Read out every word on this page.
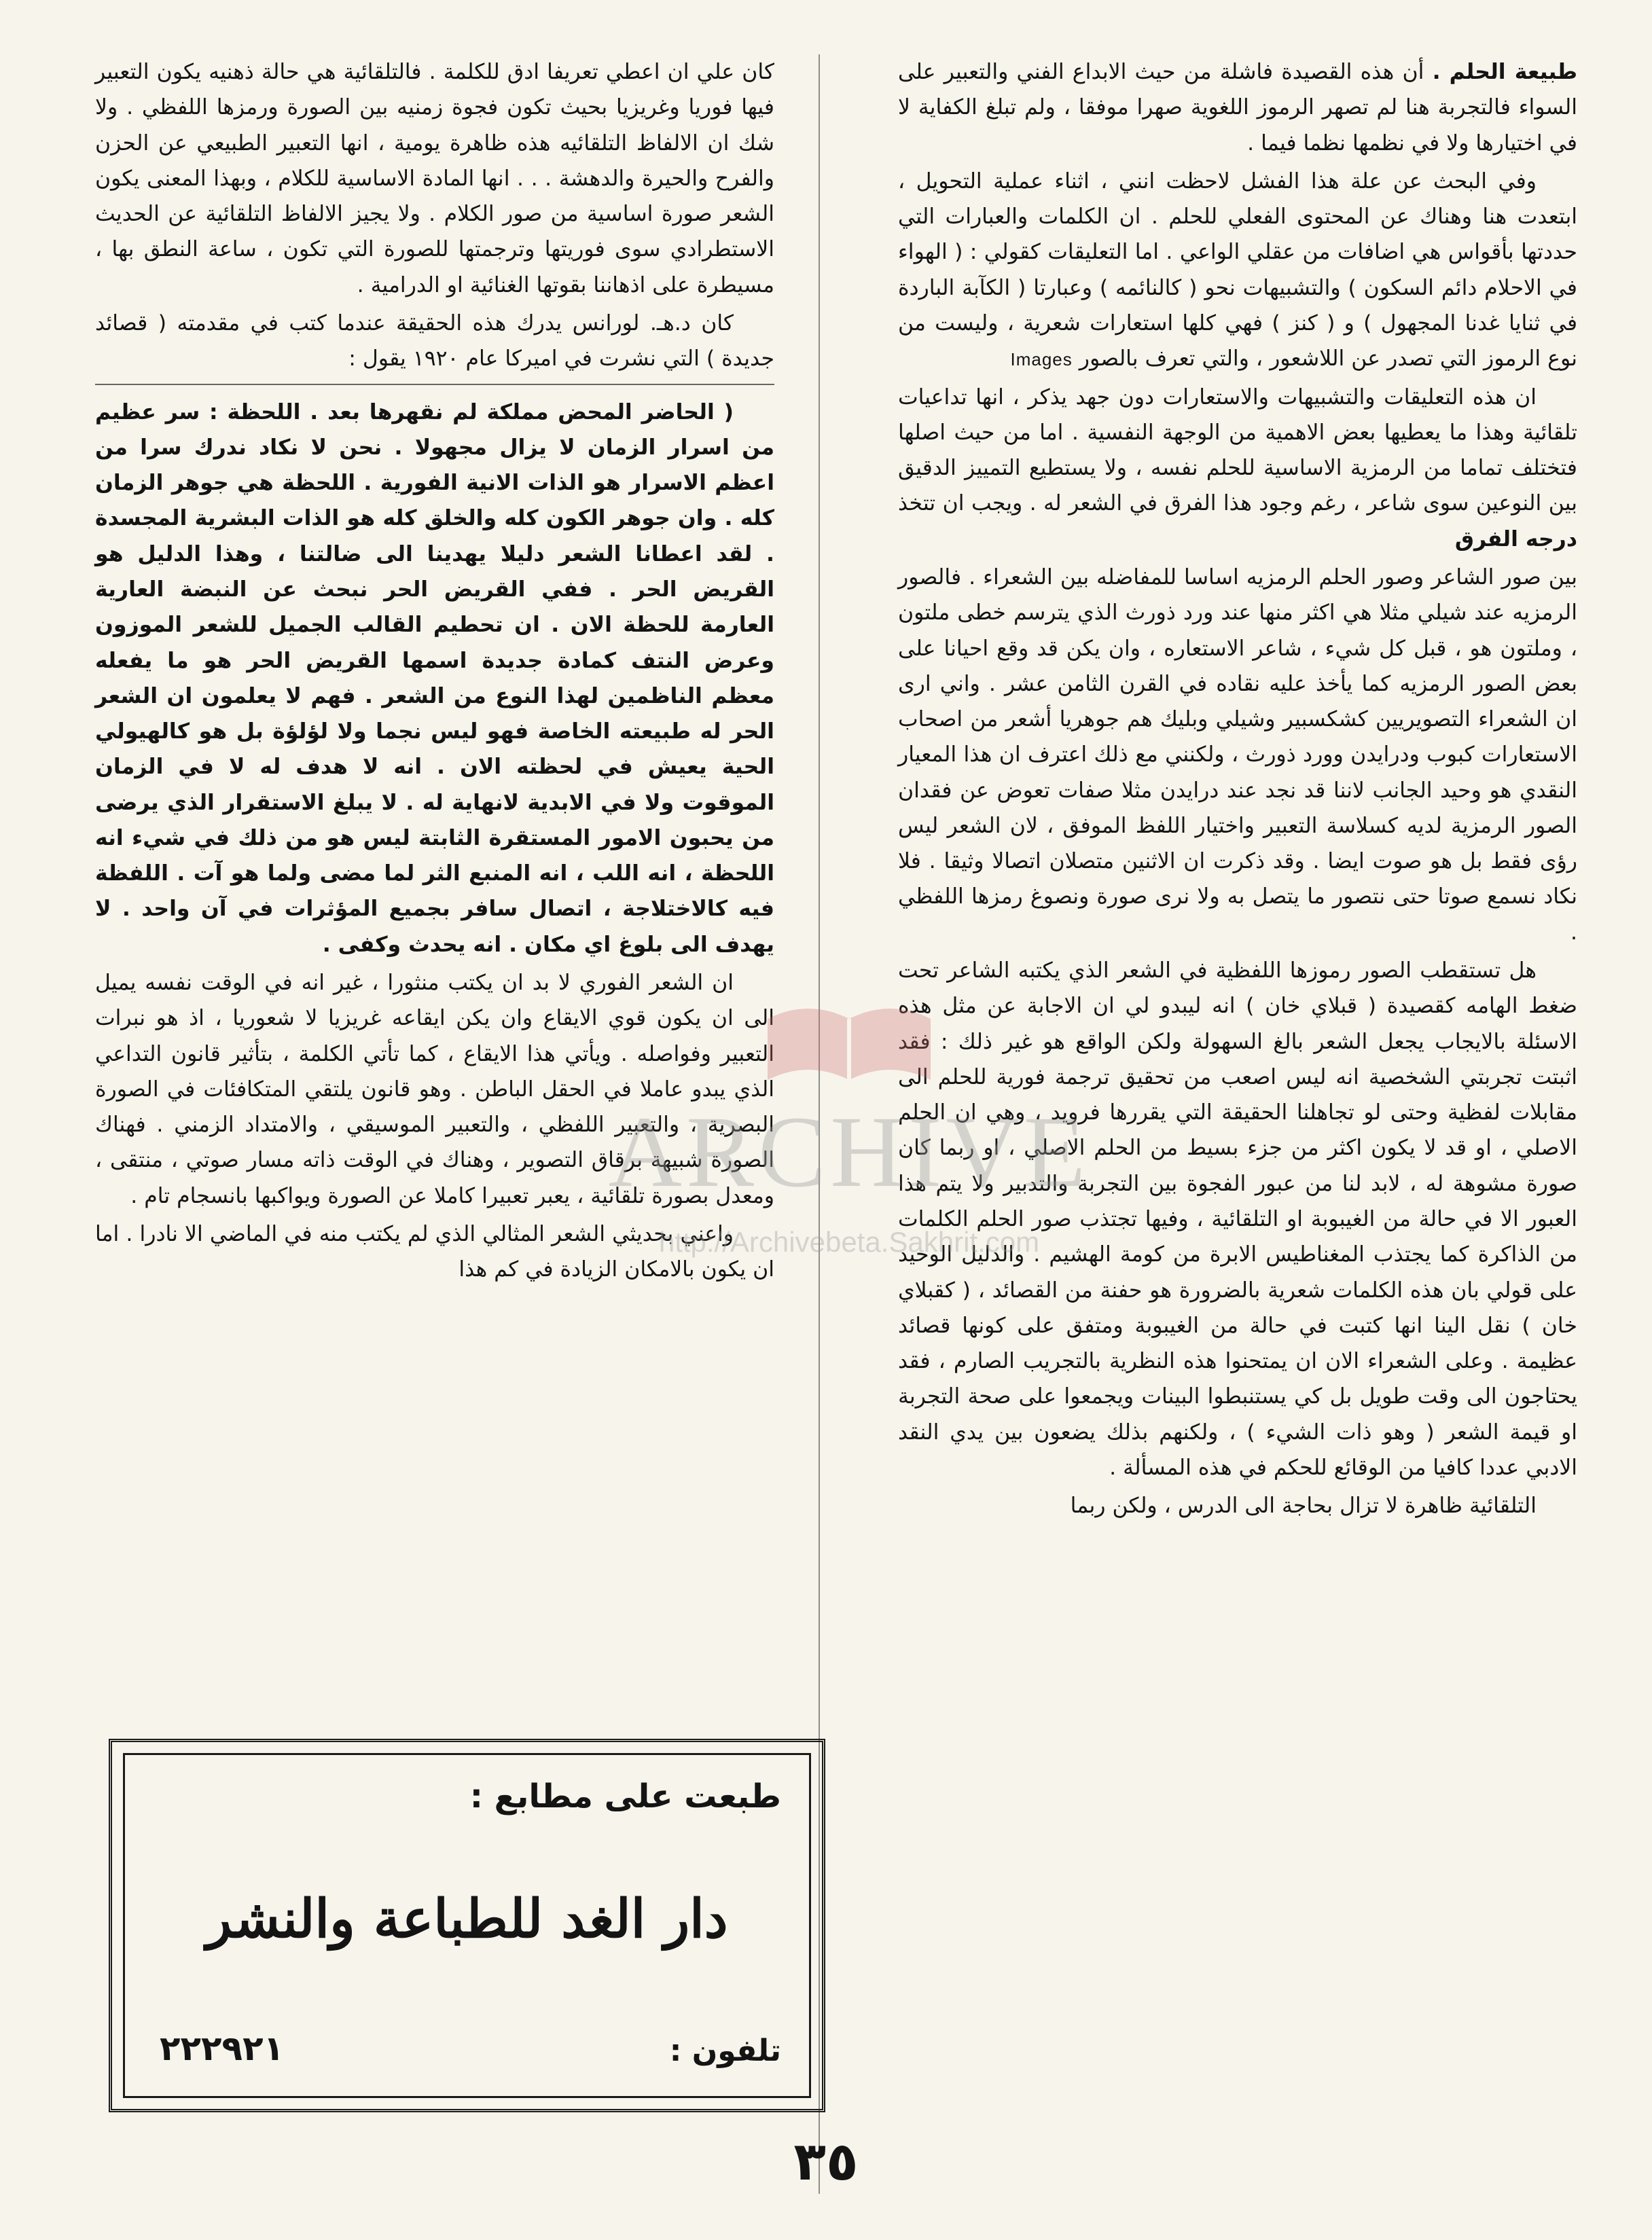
طبيعة الحلم . أن هذه القصيدة فاشلة من حيث الابداع الفني والتعبير على السواء فالتجربة هنا لم تصهر الرموز اللغوية صهرا موفقا ، ولم تبلغ الكفاية لا في اختيارها ولا في نظمها نظما فيما .

وفي البحث عن علة هذا الفشل لاحظت انني ، اثناء عملية التحويل ، ابتعدت هنا وهناك عن المحتوى الفعلي للحلم . ان الكلمات والعبارات التي حددتها بأقواس هي اضافات من عقلي الواعي . اما التعليقات كقولي : ( الهواء في الاحلام دائم السكون ) والتشبيهات نحو ( كالنائمه ) وعبارتا ( الكآبة الباردة في ثنايا غدنا المجهول ) و ( كنز ) فهي كلها استعارات شعرية ، وليست من نوع الرموز التي تصدر عن اللاشعور ، والتي تعرف بالصور Images

ان هذه التعليقات والتشبيهات والاستعارات دون جهد يذكر ، انها تداعيات تلقائية وهذا ما يعطيها بعض الاهمية من الوجهة النفسية . اما من حيث اصلها فتختلف تماما من الرمزية الاساسية للحلم نفسه ، ولا يستطيع التمييز الدقيق بين النوعين سوى شاعر ، رغم وجود هذا الفرق في الشعر له . ويجب ان تتخذ درجه الفرق

بين صور الشاعر وصور الحلم الرمزيه اساسا للمفاضله بين الشعراء . فالصور الرمزيه عند شيلي مثلا هي اكثر منها عند ورد ذورث الذي يترسم خطى ملتون ، وملتون هو ، قبل كل شيء ، شاعر الاستعاره ، وان يكن قد وقع احيانا على بعض الصور الرمزيه كما يأخذ عليه نقاده في القرن الثامن عشر . واني ارى ان الشعراء التصويريين كشكسبير وشيلي وبليك هم جوهريا أشعر من اصحاب الاستعارات كبوب ودرايدن وورد ذورث ، ولكنني مع ذلك اعترف ان هذا المعيار النقدي هو وحيد الجانب لاننا قد نجد عند درايدن مثلا صفات تعوض عن فقدان الصور الرمزية لديه كسلاسة التعبير واختيار اللفظ الموفق ، لان الشعر ليس رؤى فقط بل هو صوت ايضا . وقد ذكرت ان الاثنين متصلان اتصالا وثيقا . فلا نكاد نسمع صوتا حتى نتصور ما يتصل به ولا نرى صورة ونصوغ رمزها اللفظي .

هل تستقطب الصور رموزها اللفظية في الشعر الذي يكتبه الشاعر تحت ضغط الهامه كقصيدة ( قبلاي خان ) انه ليبدو لي ان الاجابة عن مثل هذه الاسئلة بالايجاب يجعل الشعر بالغ السهولة ولكن الواقع هو غير ذلك : فقد اثبتت تجربتي الشخصية انه ليس اصعب من تحقيق ترجمة فورية للحلم الى مقابلات لفظية وحتى لو تجاهلنا الحقيقة التي يقررها فرويد ، وهي ان الحلم الاصلي ، او قد لا يكون اكثر من جزء بسيط من الحلم الاصلي ، او ربما كان صورة مشوهة له ، لابد لنا من عبور الفجوة بين التجربة والتدبير ولا يتم هذا العبور الا في حالة من الغيبوبة او التلقائية ، وفيها تجتذب صور الحلم الكلمات من الذاكرة كما يجتذب المغناطيس الابرة من كومة الهشيم . والدليل الوحيد على قولي بان هذه الكلمات شعرية بالضرورة هو حفنة من القصائد ، ( كقبلاي خان ) نقل الينا انها كتبت في حالة من الغيبوبة ومتفق على كونها قصائد عظيمة . وعلى الشعراء الان ان يمتحنوا هذه النظرية بالتجريب الصارم ، فقد يحتاجون الى وقت طويل بل كي يستنبطوا البينات ويجمعوا على صحة التجربة او قيمة الشعر ( وهو ذات الشيء ) ، ولكنهم بذلك يضعون بين يدي النقد الادبي عددا كافيا من الوقائع للحكم في هذه المسألة .

التلقائية ظاهرة لا تزال بحاجة الى الدرس ، ولكن ربما

كان علي ان اعطي تعريفا ادق للكلمة . فالتلقائية هي حالة ذهنيه يكون التعبير فيها فوريا وغريزيا بحيث تكون فجوة زمنيه بين الصورة ورمزها اللفظي . ولا شك ان الالفاظ التلقائيه هذه ظاهرة يومية ، انها التعبير الطبيعي عن الحزن والفرح والحيرة والدهشة . . . انها المادة الاساسية للكلام ، وبهذا المعنى يكون الشعر صورة اساسية من صور الكلام . ولا يجيز الالفاظ التلقائية عن الحديث الاستطرادي سوى فوريتها وترجمتها للصورة التي تكون ، ساعة النطق بها ، مسيطرة على اذهاننا بقوتها الغنائية او الدرامية .

كان د.هـ. لورانس يدرك هذه الحقيقة عندما كتب في مقدمته ( قصائد جديدة ) التي نشرت في اميركا عام ١٩٢٠ يقول :

( الحاضر المحض مملكة لم نقهرها بعد . اللحظة : سر عظيم من اسرار الزمان لا يزال مجهولا . نحن لا نكاد ندرك سرا من اعظم الاسرار هو الذات الانية الفورية . اللحظة هي جوهر الزمان كله . وان جوهر الكون كله والخلق كله هو الذات البشرية المجسدة . لقد اعطانا الشعر دليلا يهدينا الى ضالتنا ، وهذا الدليل هو القريض الحر . ففي القريض الحر نبحث عن النبضة العارية العارمة للحظة الان . ان تحطيم القالب الجميل للشعر الموزون وعرض النتف كمادة جديدة اسمها القريض الحر هو ما يفعله معظم الناظمين لهذا النوع من الشعر . فهم لا يعلمون ان الشعر الحر له طبيعته الخاصة فهو ليس نجما ولا لؤلؤة بل هو كالهيولي الحية يعيش في لحظته الان . انه لا هدف له لا في الزمان الموقوت ولا في الابدية لانهاية له . لا يبلغ الاستقرار الذي يرضى من يحبون الامور المستقرة الثابتة ليس هو من ذلك في شيء انه اللحظة ، انه اللب ، انه المنبع الثر لما مضى ولما هو آت . اللفظة فيه كالاختلاجة ، اتصال سافر بجميع المؤثرات في آن واحد . لا يهدف الى بلوغ اي مكان . انه يحدث وكفى .

ان الشعر الفوري لا بد ان يكتب منثورا ، غير انه في الوقت نفسه يميل الى ان يكون قوي الايقاع وان يكن ايقاعه غريزيا لا شعوريا ، اذ هو نبرات التعبير وفواصله . ويأتي هذا الايقاع ، كما تأتي الكلمة ، بتأثير قانون التداعي الذي يبدو عاملا في الحقل الباطن . وهو قانون يلتقي المتكافئات في الصورة البصرية ، والتعبير اللفظي ، والتعبير الموسيقي ، والامتداد الزمني . فهناك الصورة شبيهة برقاق التصوير ، وهناك في الوقت ذاته مسار صوتي ، منتقى ، ومعدل بصورة تلقائية ، يعبر تعبيرا كاملا عن الصورة ويواكبها بانسجام تام .

واعني بحديثي الشعر المثالي الذي لم يكتب منه في الماضي الا نادرا . اما ان يكون بالامكان الزيادة في كم هذا

طبعت على مطابع :
دار الغد للطباعة والنشر
تلفون :
٢٢٢٩٢١
ARCHIVE
http://Archivebeta.Sakhrit.com
٣٥
